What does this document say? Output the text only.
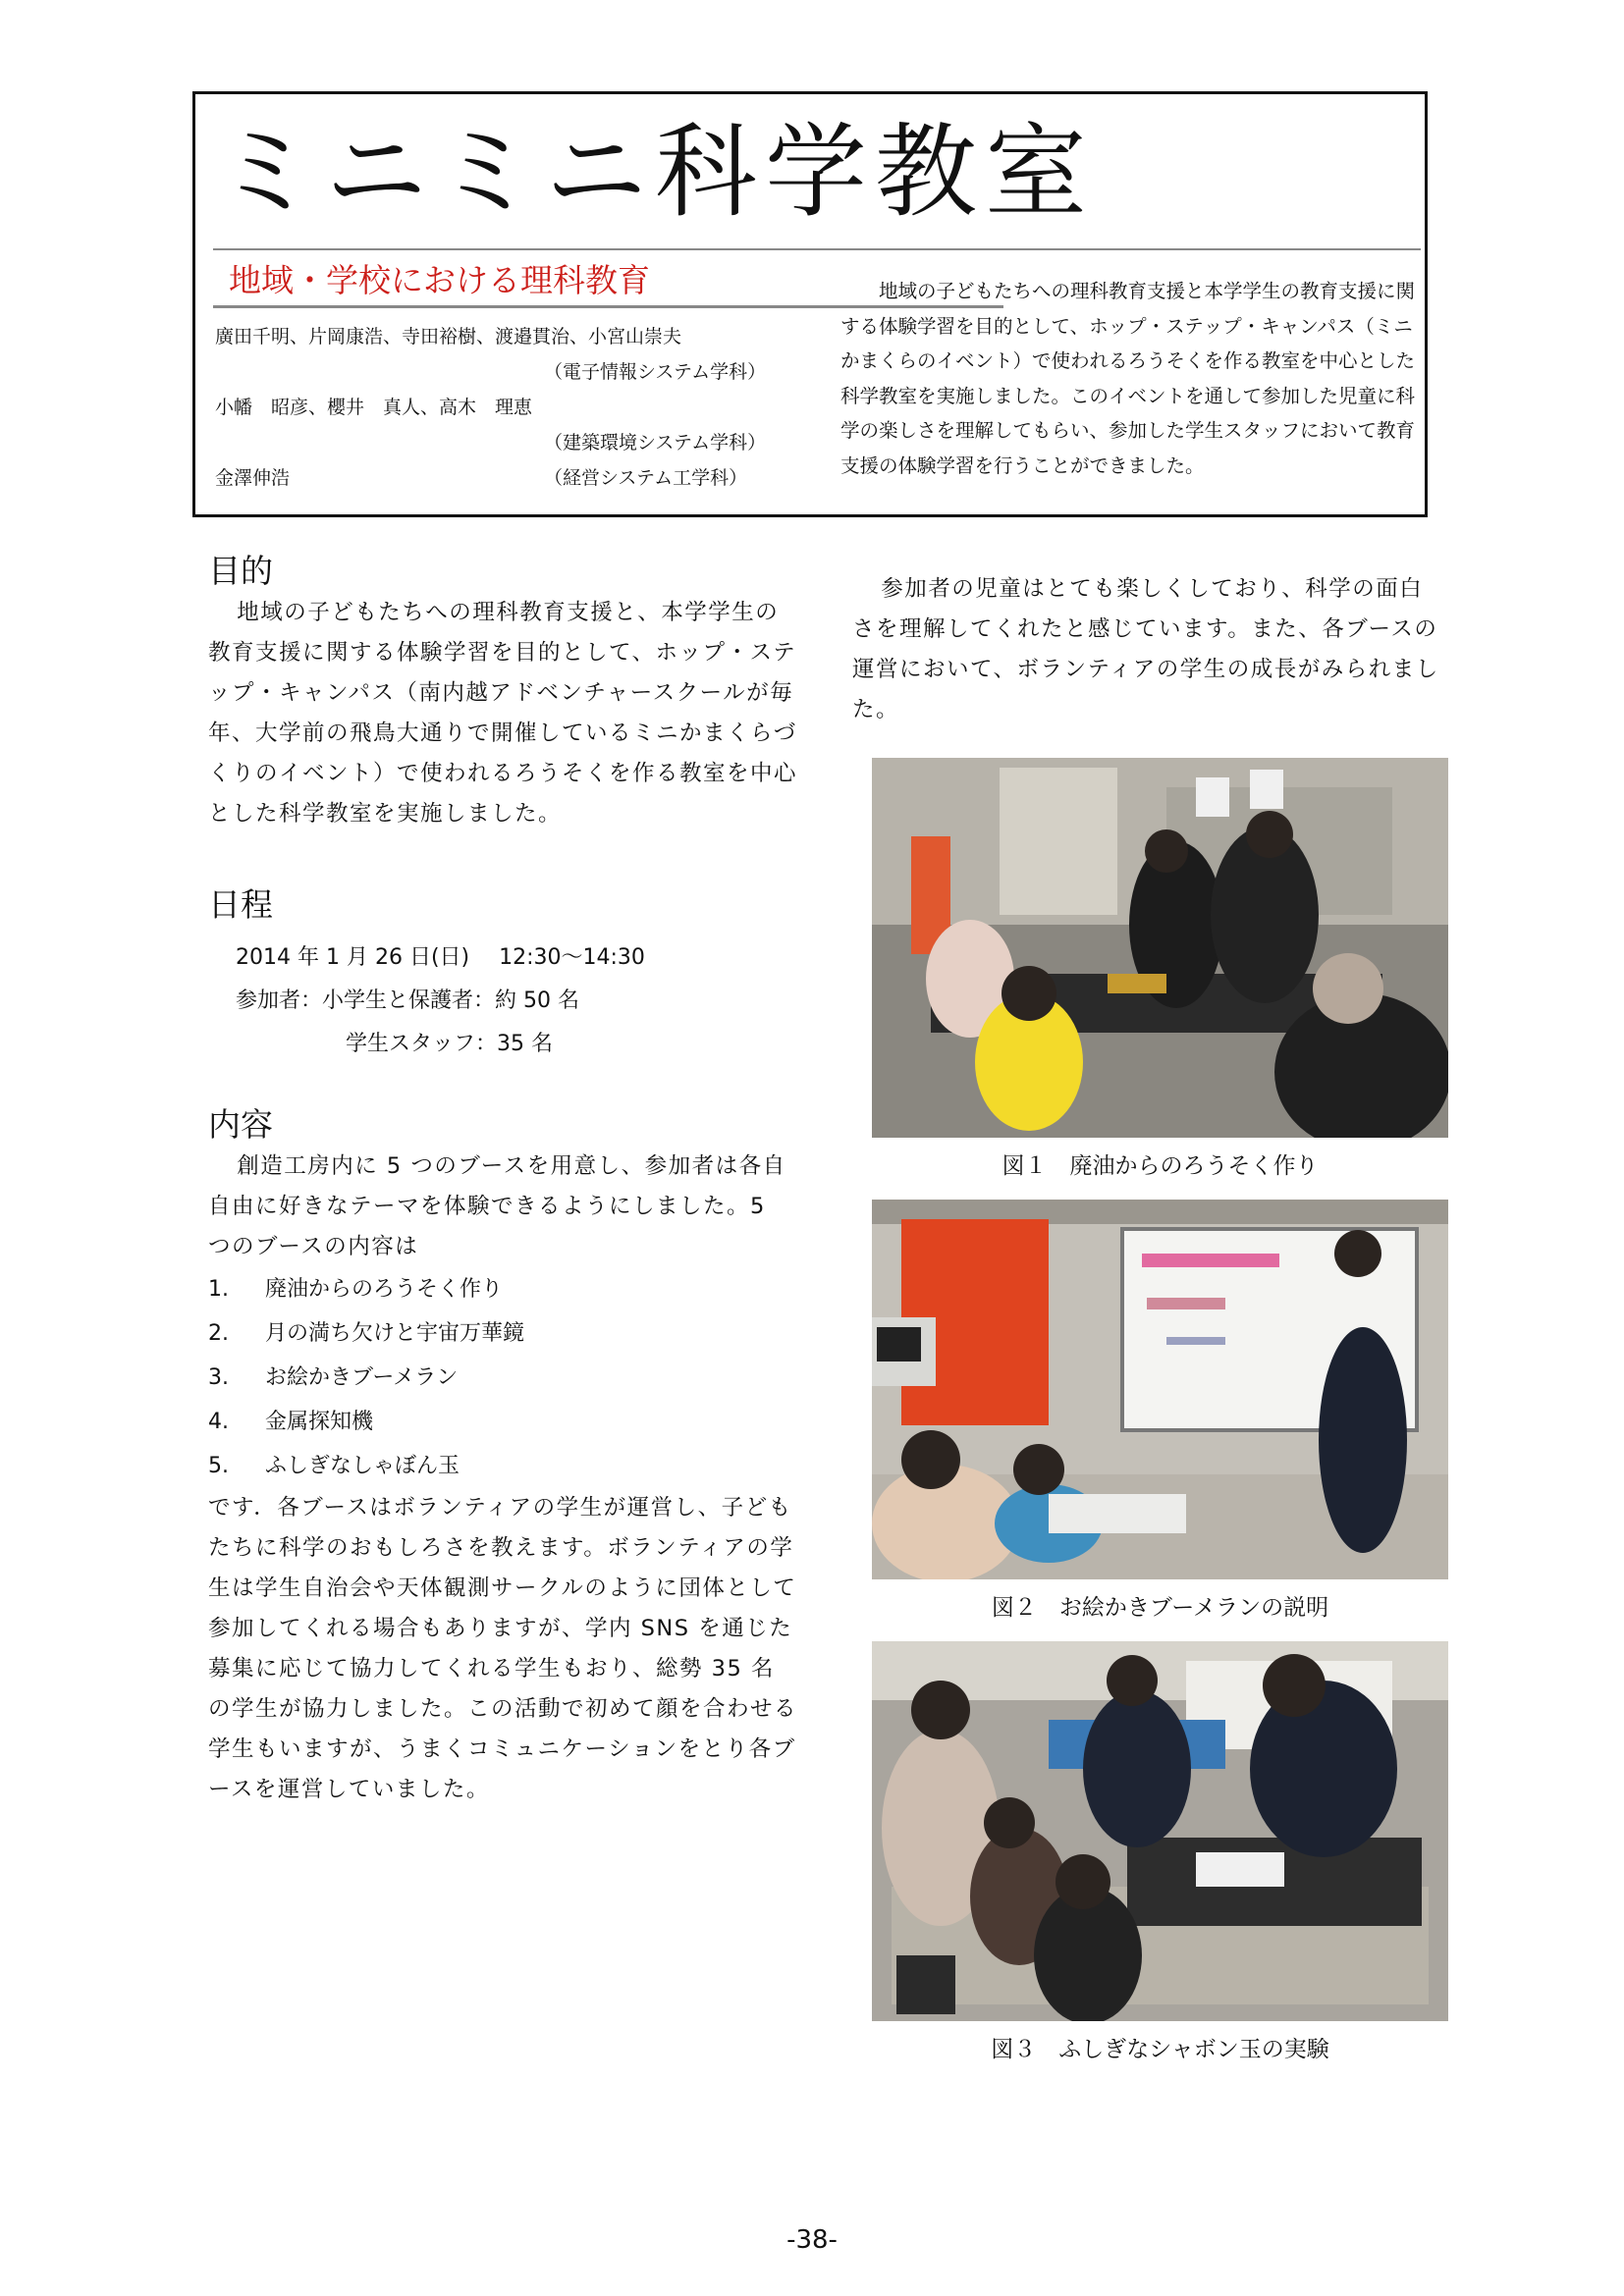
ミニミニ科学教室
地域・学校における理科教育
廣田千明、片岡康浩、寺田裕樹、渡邉貫治、小宮山崇夫
（電子情報システム学科）
小幡　昭彦、櫻井　真人、高木　理恵
（建築環境システム学科）
金澤伸浩	（経営システム工学科）

地域の子どもたちへの理科教育支援と本学学生の教育支援に関する体験学習を目的として、ホップ・ステップ・キャンパス（ミニかまくらのイベント）で使われるろうそくを作る教室を中心とした科学教室を実施しました。このイベントを通して参加した児童に科学の楽しさを理解してもらい、参加した学生スタッフにおいて教育支援の体験学習を行うことができました。

目的

地域の子どもたちへの理科教育支援と、本学学生の教育支援に関する体験学習を目的として、ホップ・ステップ・キャンパス（南内越アドベンチャースクールが毎年、大学前の飛鳥大通りで開催しているミニかまくらづくりのイベント）で使われるろうそくを作る教室を中心とした科学教室を実施しました。

日程
2014 年 1 月 26 日(日) 12:30～14:30
参加者：小学生と保護者：約 50 名
学生スタッフ：35 名
内容

創造工房内に 5 つのブースを用意し、参加者は各自自由に好きなテーマを体験できるようにしました。5 つのブースの内容は

1. 廃油からのろうそく作り
2. 月の満ち欠けと宇宙万華鏡
3. お絵かきブーメラン
4. 金属探知機
5. ふしぎなしゃぼん玉

です．各ブースはボランティアの学生が運営し、子どもたちに科学のおもしろさを教えます。ボランティアの学生は学生自治会や天体観測サークルのように団体として参加してくれる場合もありますが、学内 SNS を通じた募集に応じて協力してくれる学生もおり、総勢 35 名の学生が協力しました。この活動で初めて顔を合わせる学生もいますが、うまくコミュニケーションをとり各ブースを運営していました。

参加者の児童はとても楽しくしており、科学の面白さを理解してくれたと感じています。また、各ブースの運営において、ボランティアの学生の成長がみられました。

図１　廃油からのろうそく作り
図２　お絵かきブーメランの説明
図３　ふしぎなシャボン玉の実験
-38-
